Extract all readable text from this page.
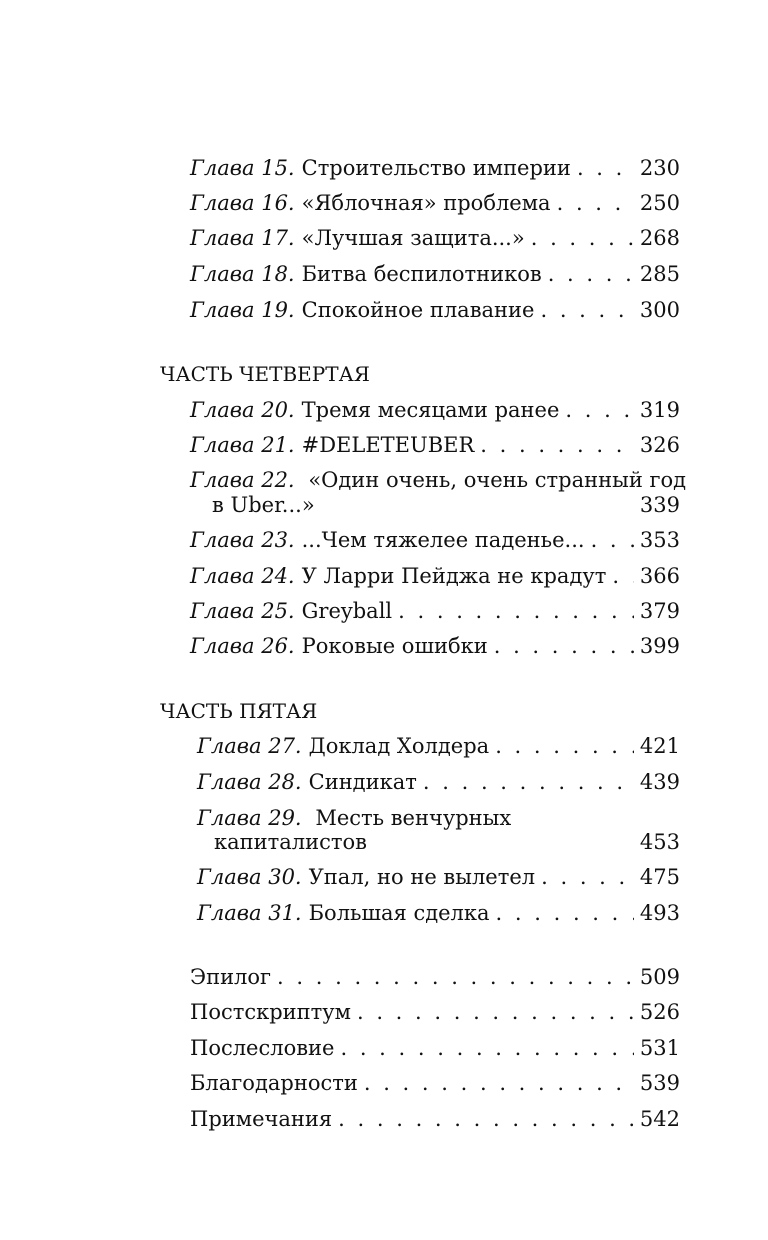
Глава 15. Строительство империи . . .	230
Глава 16. «Яблочная» проблема . . .	250
Глава 17. «Лучшая защита...» . . .	268
Глава 18. Битва беспилотников . . .	285
Глава 19. Спокойное плавание . . .	300
ЧАСТЬ ЧЕТВЕРТАЯ
Глава 20. Тремя месяцами ранее . . .	319
Глава 21. #DELETEUBER . . .	326
Глава 22. «Один очень, очень странный год
в Uber...»	339
Глава 23. ...Чем тяжелее паденье... . . .	353
Глава 24. У Ларри Пейджа не крадут . . . 366
Глава 25. Greyball . . .	379
Глава 26. Роковые ошибки . . .	399
ЧАСТЬ ПЯТАЯ
Глава 27. Доклад Холдера . . .	421
Глава 28. Синдикат . . .	439
Глава 29. Месть венчурных
капиталистов	453
Глава 30. Упал, но не вылетел . . .	475
Глава 31. Большая сделка . . .	493
Эпилог . . .	509
Постскриптум . . .	526
Послесловие . . .	531
Благодарности . . .	539
Примечания . . .	542
